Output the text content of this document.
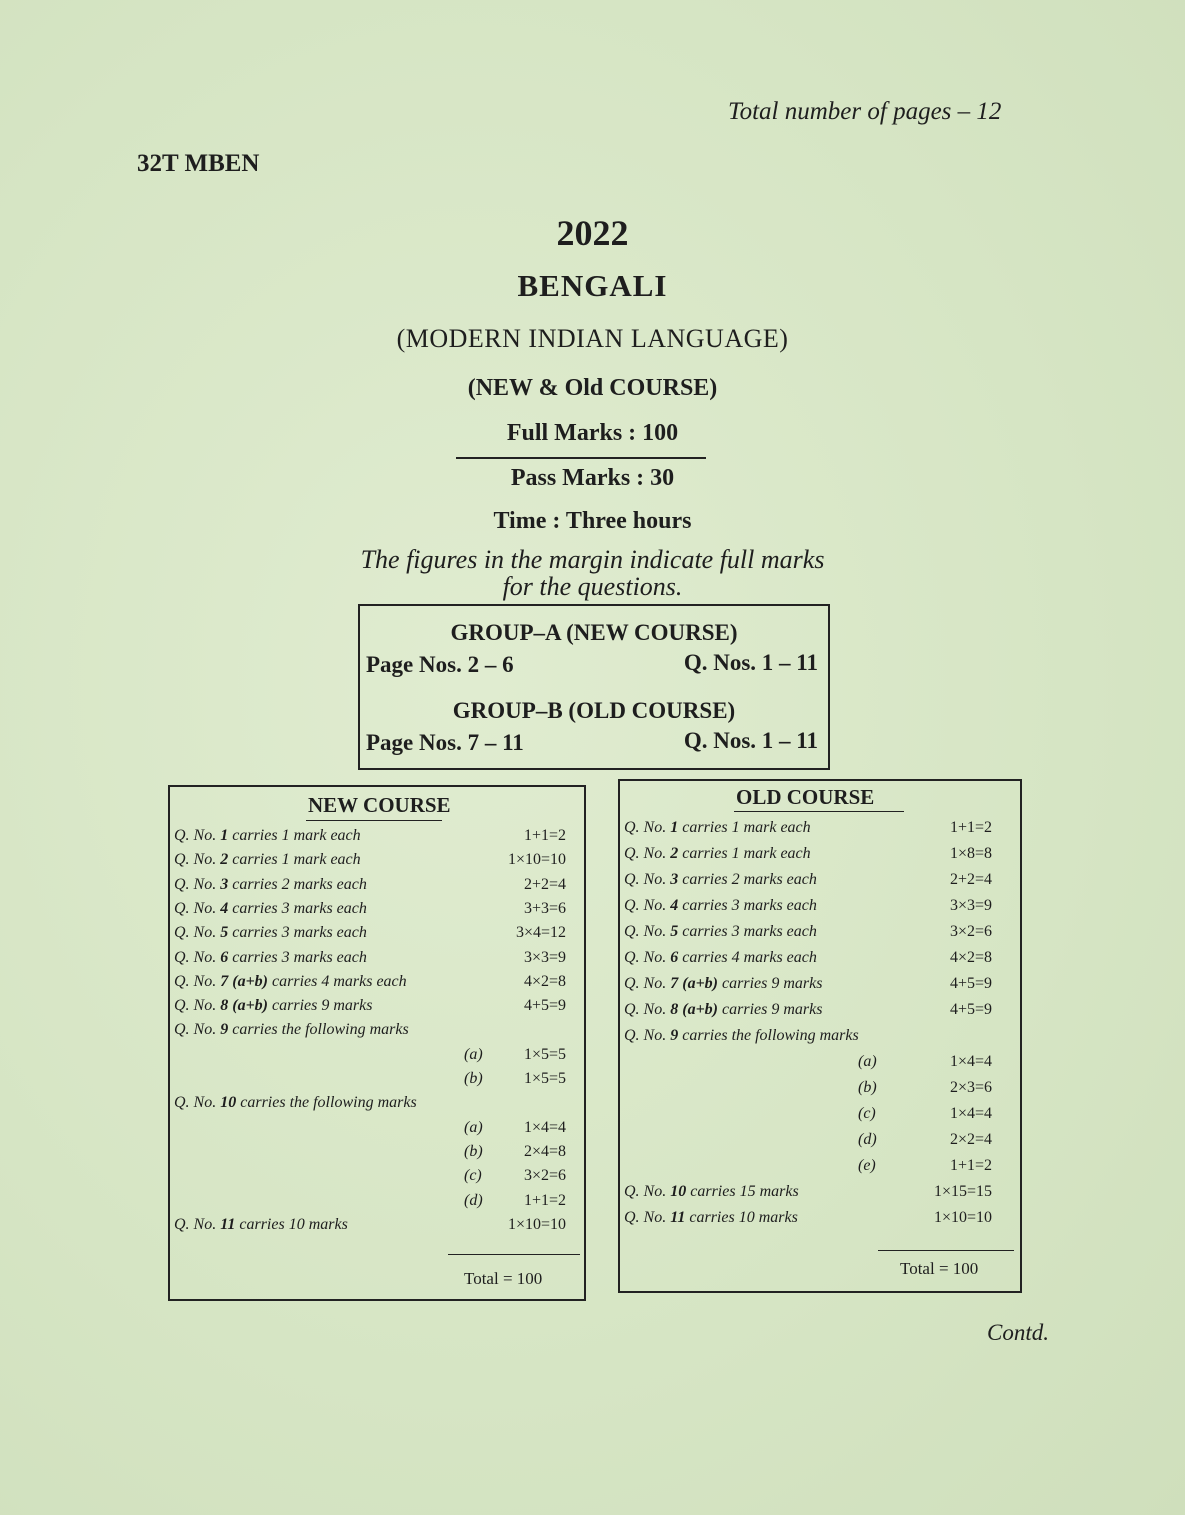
Total number of pages – 12
32T MBEN
2022
BENGALI
(MODERN INDIAN LANGUAGE)
(NEW & Old COURSE)
Full Marks : 100
Pass Marks : 30
Time : Three hours
The figures in the margin indicate full marks
for the questions.
GROUP–A (NEW COURSE)
Page Nos. 2 – 6	Q. Nos. 1 – 11
GROUP–B (OLD COURSE)
Page Nos. 7 – 11	Q. Nos. 1 – 11
NEW COURSE
Q. No. 1 carries 1 mark each	1+1=2
Q. No. 2 carries 1 mark each	1×10=10
Q. No. 3 carries 2 marks each	2+2=4
Q. No. 4 carries 3 marks each	3+3=6
Q. No. 5 carries 3 marks each	3×4=12
Q. No. 6 carries 3 marks each	3×3=9
Q. No. 7 (a+b) carries 4 marks each	4×2=8
Q. No. 8 (a+b) carries 9 marks	4+5=9
Q. No. 9 carries the following marks
(a)	1×5=5
(b)	1×5=5
Q. No. 10 carries the following marks
(a)	1×4=4
(b)	2×4=8
(c)	3×2=6
(d)	1+1=2
Q. No. 11 carries 10 marks	1×10=10
Total = 100
OLD COURSE
Q. No. 1 carries 1 mark each	1+1=2
Q. No. 2 carries 1 mark each	1×8=8
Q. No. 3 carries 2 marks each	2+2=4
Q. No. 4 carries 3 marks each	3×3=9
Q. No. 5 carries 3 marks each	3×2=6
Q. No. 6 carries 4 marks each	4×2=8
Q. No. 7 (a+b) carries 9 marks	4+5=9
Q. No. 8 (a+b) carries 9 marks	4+5=9
Q. No. 9 carries the following marks
(a)	1×4=4
(b)	2×3=6
(c)	1×4=4
(d)	2×2=4
(e)	1+1=2
Q. No. 10 carries 15 marks	1×15=15
Q. No. 11 carries 10 marks	1×10=10
Total = 100
Contd.
